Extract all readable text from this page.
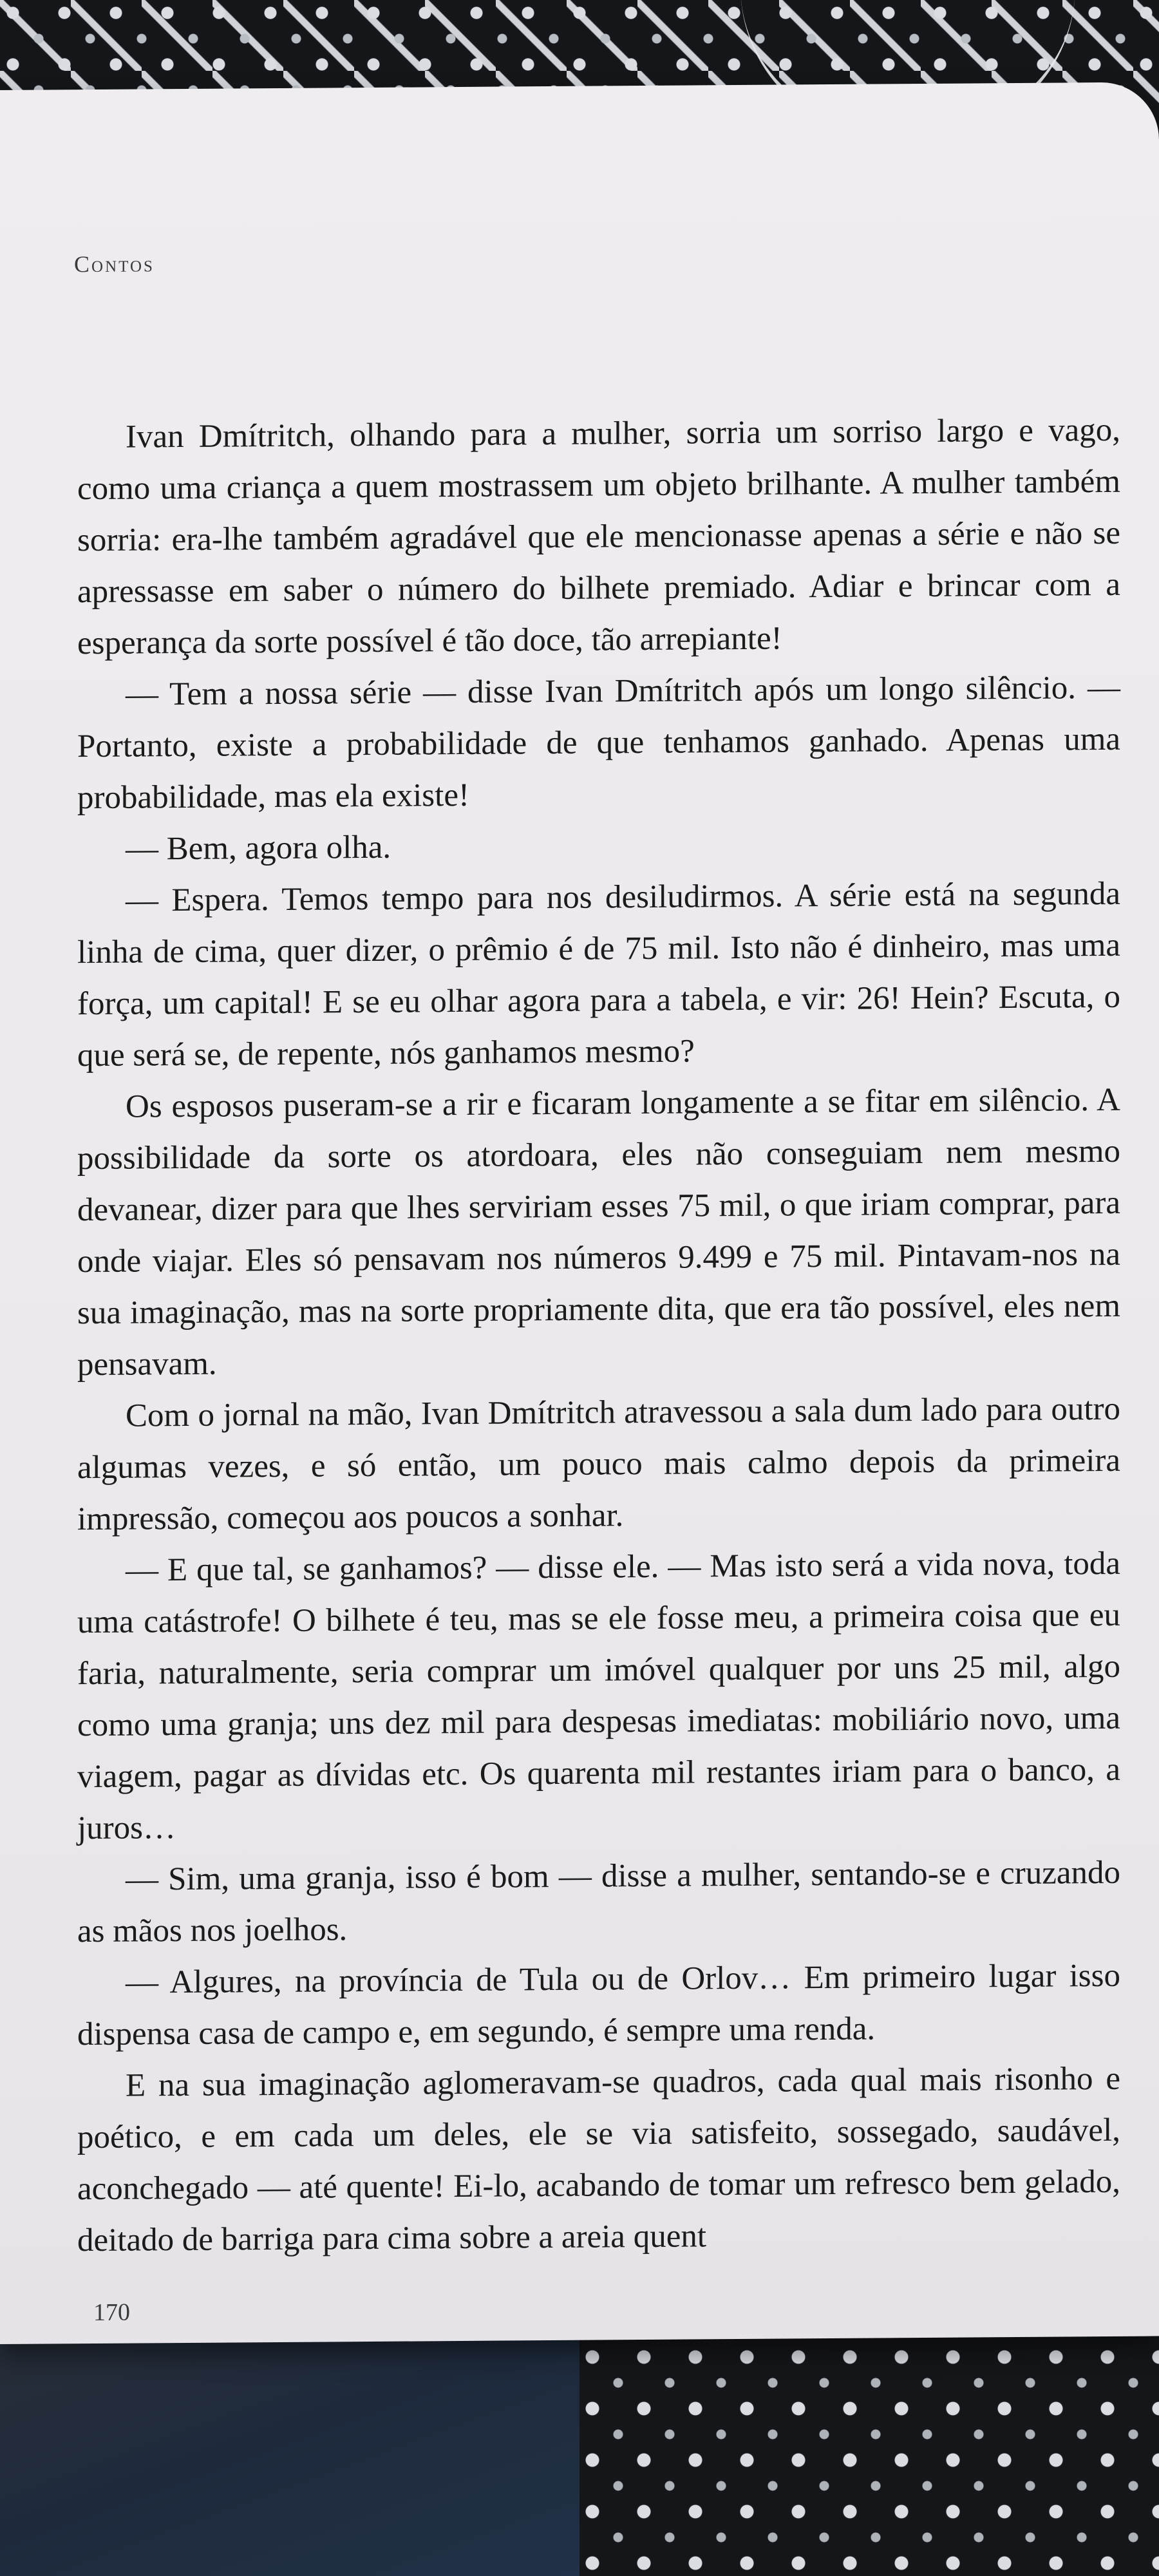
Contos

Ivan Dmítritch, olhando para a mulher, sorria um sorriso largo e vago, como uma criança a quem mostrassem um objeto brilhante. A mulher também sorria: era-lhe também agradável que ele mencionasse apenas a série e não se apressasse em saber o número do bilhete premiado. Adiar e brincar com a esperança da sorte possível é tão doce, tão arrepiante!

— Tem a nossa série — disse Ivan Dmítritch após um longo silêncio. — Portanto, existe a probabilidade de que tenhamos ganhado. Apenas uma probabilidade, mas ela existe!

— Bem, agora olha.

— Espera. Temos tempo para nos desiludirmos. A série está na segunda linha de cima, quer dizer, o prêmio é de 75 mil. Isto não é dinheiro, mas uma força, um capital! E se eu olhar agora para a tabela, e vir: 26! Hein? Escuta, o que será se, de repente, nós ganhamos mesmo?

Os esposos puseram-se a rir e ficaram longamente a se fitar em silêncio. A possibilidade da sorte os atordoara, eles não conseguiam nem mesmo devanear, dizer para que lhes serviriam esses 75 mil, o que iriam comprar, para onde viajar. Eles só pensavam nos números 9.499 e 75 mil. Pintavam-nos na sua imaginação, mas na sorte propriamente dita, que era tão possível, eles nem pensavam.

Com o jornal na mão, Ivan Dmítritch atravessou a sala dum lado para outro algumas vezes, e só então, um pouco mais calmo depois da primeira impressão, começou aos poucos a sonhar.

— E que tal, se ganhamos? — disse ele. — Mas isto será a vida nova, toda uma catástrofe! O bilhete é teu, mas se ele fosse meu, a primeira coisa que eu faria, naturalmente, seria comprar um imóvel qualquer por uns 25 mil, algo como uma granja; uns dez mil para despesas imediatas: mobiliário novo, uma viagem, pagar as dívidas etc. Os quarenta mil restantes iriam para o banco, a juros…

— Sim, uma granja, isso é bom — disse a mulher, sentando-se e cruzando as mãos nos joelhos.

— Algures, na província de Tula ou de Orlov… Em primeiro lugar isso dispensa casa de campo e, em segundo, é sempre uma renda.

E na sua imaginação aglomeravam-se quadros, cada qual mais risonho e poético, e em cada um deles, ele se via satisfeito, sossegado, saudável, aconchegado — até quente! Ei-lo, acabando de tomar um refresco bem gelado, deitado de barriga para cima sobre a areia quent

170
